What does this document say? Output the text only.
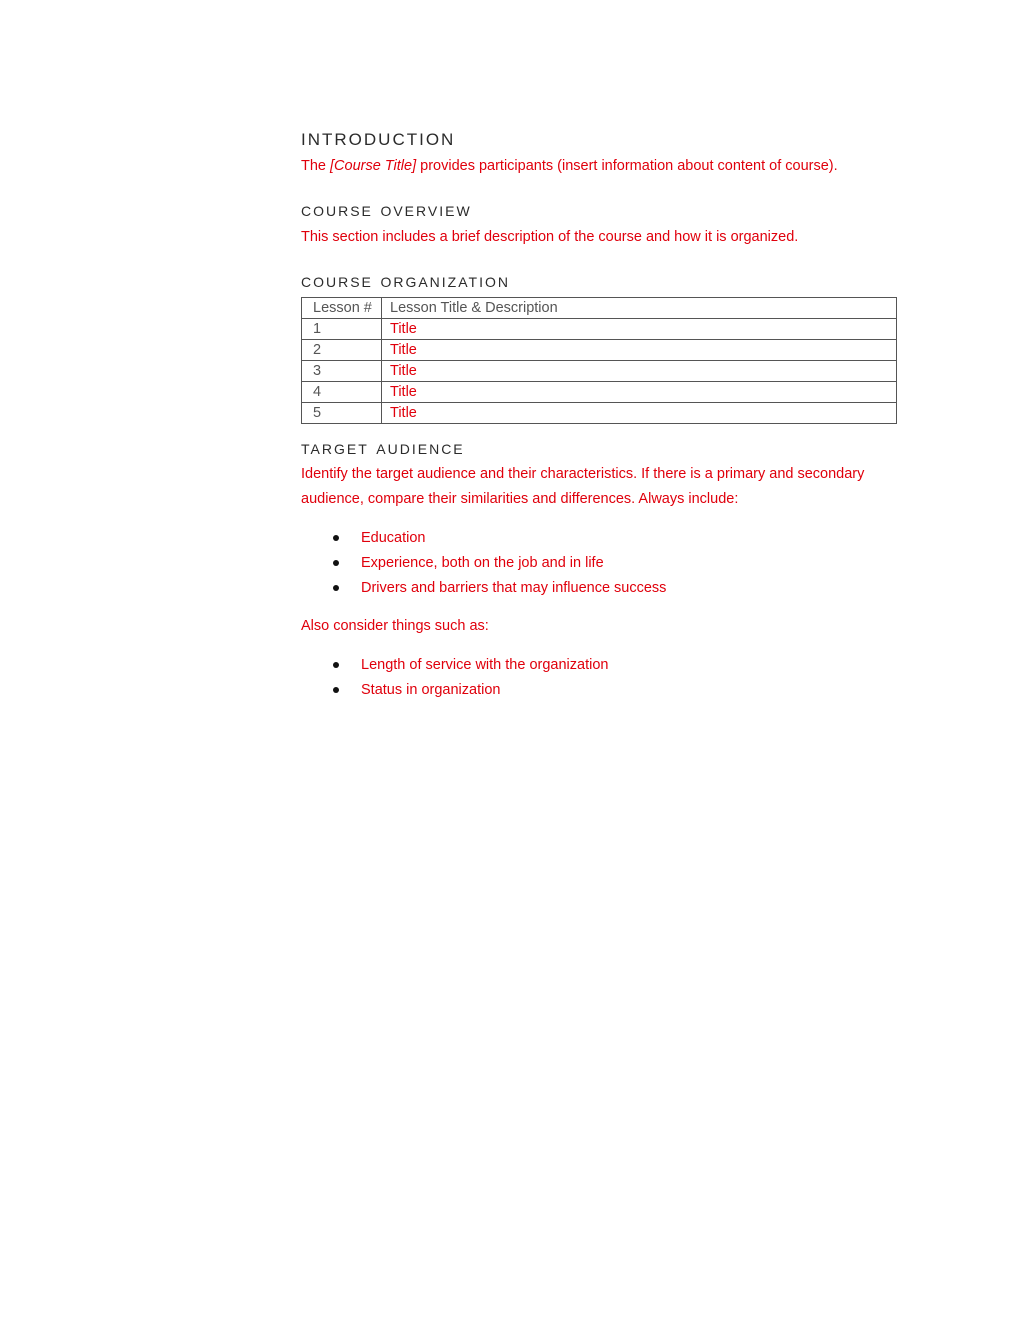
introduction

The [Course Title] provides participants (insert information about content of course).

course overview

This section includes a brief description of the course and how it is organized.

course organization
Lesson #	Lesson Title & Description
1	Title
2	Title
3	Title
4	Title
5	Title
target audience

Identify the target audience and their characteristics. If there is a primary and secondary audience, compare their similarities and differences. Always include:

Education
Experience, both on the job and in life
Drivers and barriers that may influence success

Also consider things such as:

Length of service with the organization
Status in organization
